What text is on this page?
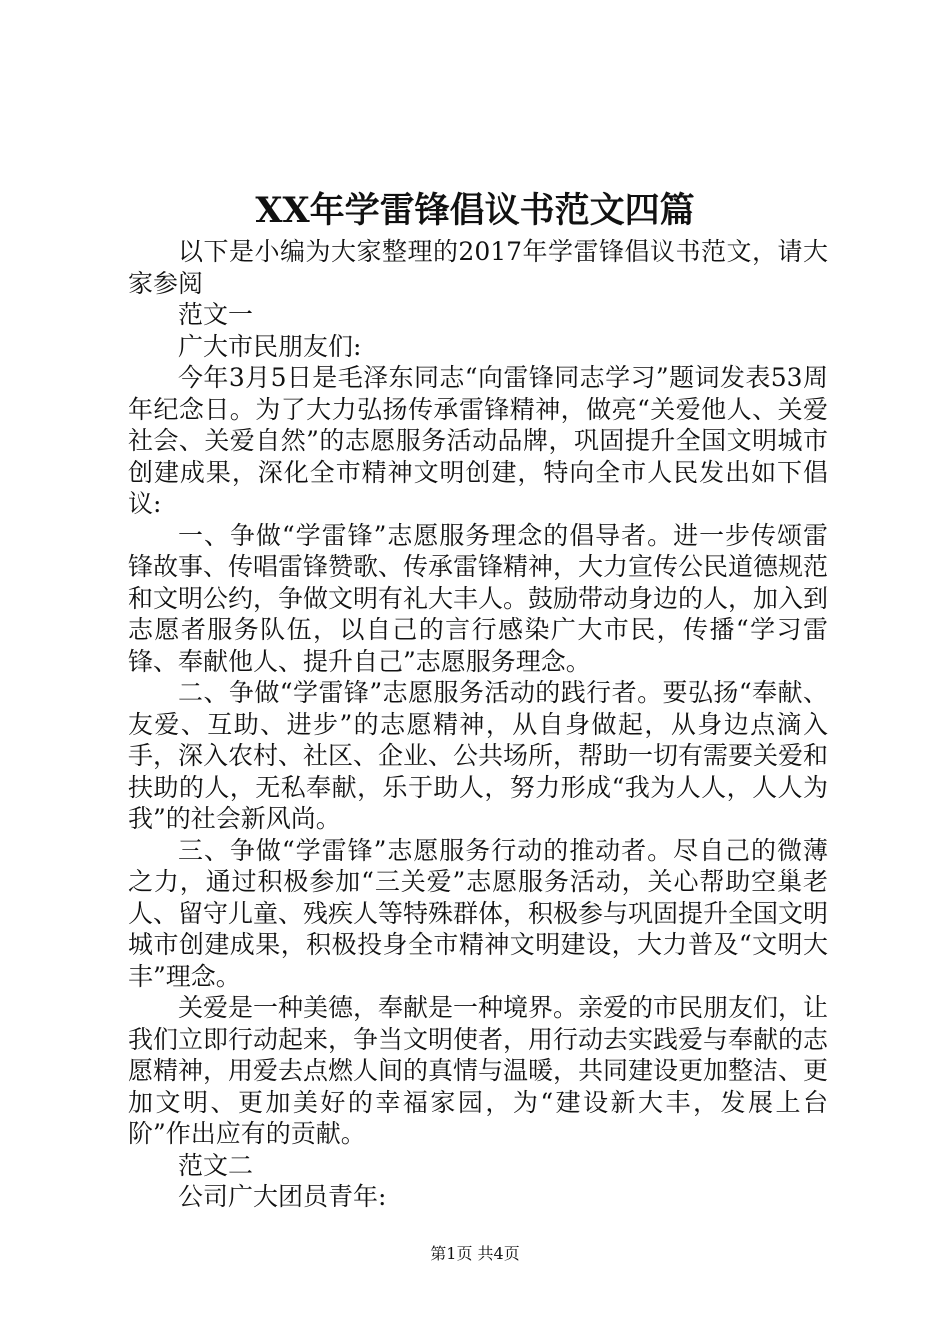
XX年学雷锋倡议书范文四篇

以下是小编为大家整理的2017年学雷锋倡议书范文，请大家参阅

范文一

广大市民朋友们:

今年3月5日是毛泽东同志“向雷锋同志学习”题词发表53周年纪念日。为了大力弘扬传承雷锋精神，做亮“关爱他人、关爱社会、关爱自然”的志愿服务活动品牌，巩固提升全国文明城市创建成果，深化全市精神文明创建，特向全市人民发出如下倡议:

一、争做“学雷锋”志愿服务理念的倡导者。进一步传颂雷锋故事、传唱雷锋赞歌、传承雷锋精神，大力宣传公民道德规范和文明公约，争做文明有礼大丰人。鼓励带动身边的人，加入到志愿者服务队伍，以自己的言行感染广大市民，传播“学习雷锋、奉献他人、提升自己”志愿服务理念。

二、争做“学雷锋”志愿服务活动的践行者。要弘扬“奉献、友爱、互助、进步”的志愿精神，从自身做起，从身边点滴入手，深入农村、社区、企业、公共场所，帮助一切有需要关爱和扶助的人，无私奉献，乐于助人，努力形成“我为人人，人人为我”的社会新风尚。

三、争做“学雷锋”志愿服务行动的推动者。尽自己的微薄之力，通过积极参加“三关爱”志愿服务活动，关心帮助空巢老人、留守儿童、残疾人等特殊群体，积极参与巩固提升全国文明城市创建成果，积极投身全市精神文明建设，大力普及“文明大丰”理念。

关爱是一种美德，奉献是一种境界。亲爱的市民朋友们，让我们立即行动起来，争当文明使者，用行动去实践爱与奉献的志愿精神，用爱去点燃人间的真情与温暖，共同建设更加整洁、更加文明、更加美好的幸福家园，为“建设新大丰，发展上台阶”作出应有的贡献。

范文二

公司广大团员青年:

第1页 共4页
